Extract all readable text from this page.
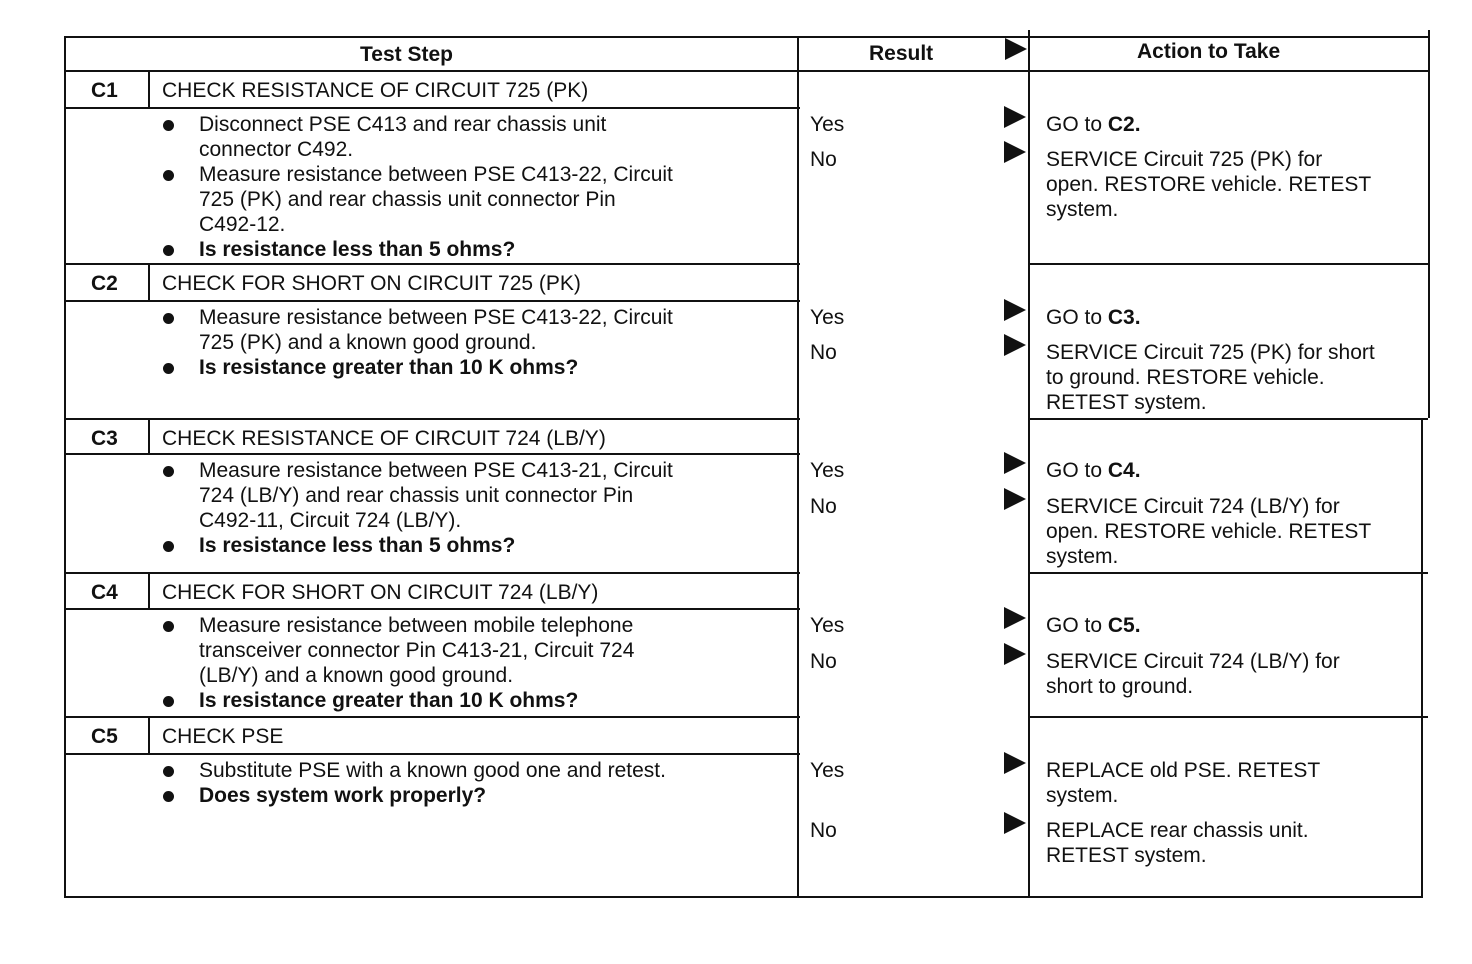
Test Step	Result	Action to Take
C1 CHECK RESISTANCE OF CIRCUIT 725 (PK)
Disconnect PSE C413 and rear chassis unit
connector C492.
Measure resistance between PSE C413-22, Circuit
725 (PK) and rear chassis unit connector Pin
C492-12.
Is resistance less than 5 ohms?
Yes	GO to C2.
No	SERVICE Circuit 725 (PK) for
open. RESTORE vehicle. RETEST
system.
C2 CHECK FOR SHORT ON CIRCUIT 725 (PK)
Measure resistance between PSE C413-22, Circuit
725 (PK) and a known good ground.
Is resistance greater than 10 K ohms?
Yes	GO to C3.
No	SERVICE Circuit 725 (PK) for short
to ground. RESTORE vehicle.
RETEST system.
C3 CHECK RESISTANCE OF CIRCUIT 724 (LB/Y)
Measure resistance between PSE C413-21, Circuit
724 (LB/Y) and rear chassis unit connector Pin
C492-11, Circuit 724 (LB/Y).
Is resistance less than 5 ohms?
Yes	GO to C4.
No	SERVICE Circuit 724 (LB/Y) for
open. RESTORE vehicle. RETEST
system.
C4 CHECK FOR SHORT ON CIRCUIT 724 (LB/Y)
Measure resistance between mobile telephone
transceiver connector Pin C413-21, Circuit 724
(LB/Y) and a known good ground.
Is resistance greater than 10 K ohms?
Yes	GO to C5.
No	SERVICE Circuit 724 (LB/Y) for
short to ground.
C5 CHECK PSE
Substitute PSE with a known good one and retest.
Does system work properly?
Yes	REPLACE old PSE. RETEST
system.
No	REPLACE rear chassis unit.
RETEST system.
